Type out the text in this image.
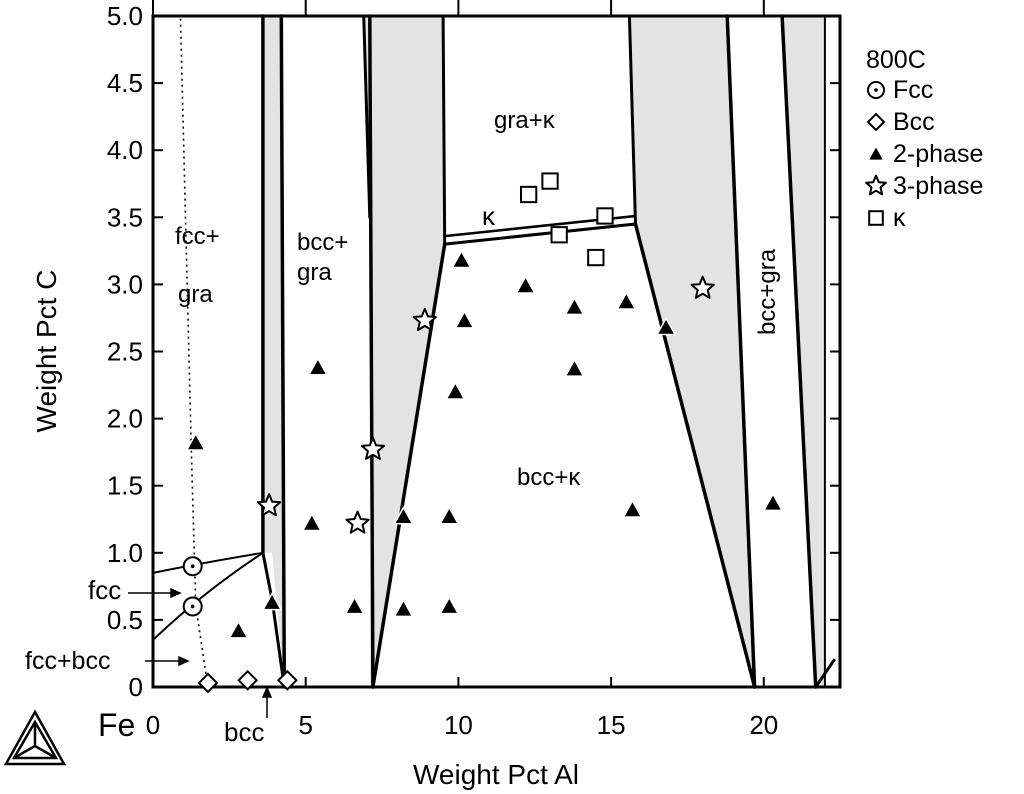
0	5	10	15	20
0
0.5
1.0
1.5
2.0
2.5
3.0
3.5
4.0
4.5
5.0
Weight Pct Al
Weight Pct C
Fe
fcc+
gra
bcc+
gra
gra+κ
κ
bcc+κ
bcc+gra
fcc
fcc+bcc
bcc
800C
Fcc
Bcc
2-phase
3-phase
κ
